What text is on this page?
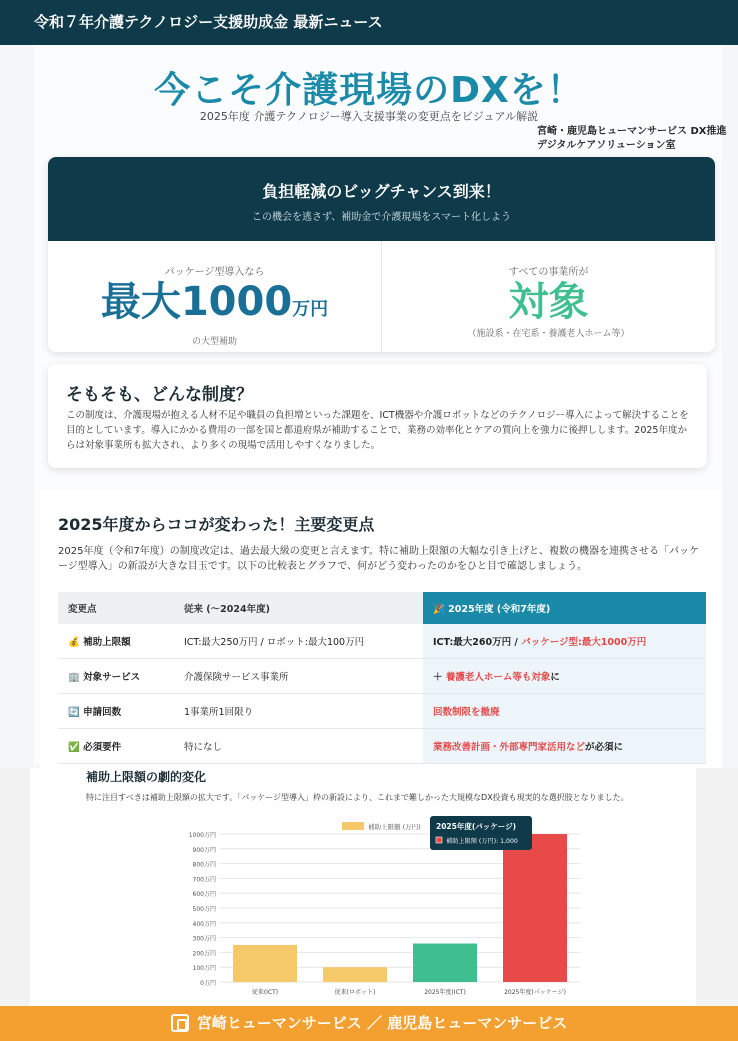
令和７年介護テクノロジー支援助成金 最新ニュース
今こそ介護現場のDXを！
2025年度 介護テクノロジー導入支援事業の変更点をビジュアル解説
宮崎・鹿児島ヒューマンサービス DX推進
デジタルケアソリューション室
負担軽減のビッグチャンス到来！
この機会を逃さず、補助金で介護現場をスマート化しよう
パッケージ型導入なら
最大1000万円
の大型補助
すべての事業所が
対象
（施設系・在宅系・養護老人ホーム等）
そもそも、どんな制度？
この制度は、介護現場が抱える人材不足や職員の負担増といった課題を、ICT機器や介護ロボットなどのテクノロジー導入によって解決することを目的としています。導入にかかる費用の一部を国と都道府県が補助することで、業務の効率化とケアの質向上を強力に後押しします。2025年度からは対象事業所も拡大され、より多くの現場で活用しやすくなりました。
2025年度からココが変わった！主要変更点
2025年度（令和7年度）の制度改定は、過去最大級の変更と言えます。特に補助上限額の大幅な引き上げと、複数の機器を連携させる「パッケージ型導入」の新設が大きな目玉です。以下の比較表とグラフで、何がどう変わったのかをひと目で確認しましょう。
変更点	従来 (〜2024年度)	🎉 2025年度 (令和7年度)
💰 補助上限額	ICT:最大250万円 / ロボット:最大100万円	ICT:最大260万円 / パッケージ型:最大1000万円
🏢 対象サービス	介護保険サービス事業所	＋ 養護老人ホーム等も対象に
🔄 申請回数	1事業所1回限り	回数制限を撤廃
✅ 必須要件	特になし	業務改善計画・外部専門家活用などが必須に
補助上限額の劇的変化
特に注目すべきは補助上限額の拡大です。「パッケージ型導入」枠の新設により、これまで難しかった大規模なDX投資も現実的な選択肢となりました。
0万円
100万円
200万円
300万円
400万円
500万円
600万円
700万円
800万円
900万円
1000万円
従来(ICT)	従来(ロボット)	2025年度(ICT)	2025年度(パッケージ)
補助上限額 (万円) 2025年度(パッケージ)
補助上限額 (万円): 1,000
宮崎ヒューマンサービス ／ 鹿児島ヒューマンサービス
